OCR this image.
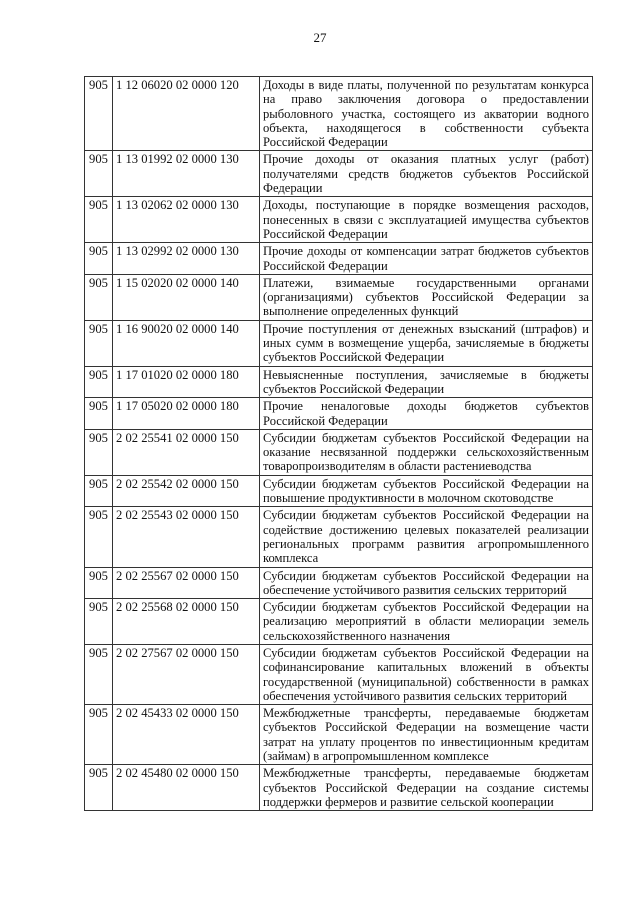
27
905	1 12 06020 02 0000 120	Доходы в виде платы, полученной по результатам конкурса на право заключения договора о предоставлении рыболовного участка, состоящего из акватории водного объекта, находящегося в собственности субъекта Российской Федерации
905	1 13 01992 02 0000 130	Прочие доходы от оказания платных услуг (работ) получателями средств бюджетов субъектов Российской Федерации
905	1 13 02062 02 0000 130	Доходы, поступающие в порядке возмещения расходов, понесенных в связи с эксплуатацией имущества субъектов Российской Федерации
905	1 13 02992 02 0000 130	Прочие доходы от компенсации затрат бюджетов субъектов Российской Федерации
905	1 15 02020 02 0000 140	Платежи, взимаемые государственными органами (организациями) субъектов Российской Федерации за выполнение определенных функций
905	1 16 90020 02 0000 140	Прочие поступления от денежных взысканий (штрафов) и иных сумм в возмещение ущерба, зачисляемые в бюджеты субъектов Российской Федерации
905	1 17 01020 02 0000 180	Невыясненные поступления, зачисляемые в бюджеты субъектов Российской Федерации
905	1 17 05020 02 0000 180	Прочие неналоговые доходы бюджетов субъектов Российской Федерации
905	2 02 25541 02 0000 150	Субсидии бюджетам субъектов Российской Федерации на оказание несвязанной поддержки сельскохозяйственным товаропроизводителям в области растениеводства
905	2 02 25542 02 0000 150	Субсидии бюджетам субъектов Российской Федерации на повышение продуктивности в молочном скотоводстве
905	2 02 25543 02 0000 150	Субсидии бюджетам субъектов Российской Федерации на содействие достижению целевых показателей реализации региональных программ развития агропромышленного комплекса
905	2 02 25567 02 0000 150	Субсидии бюджетам субъектов Российской Федерации на обеспечение устойчивого развития сельских территорий
905	2 02 25568 02 0000 150	Субсидии бюджетам субъектов Российской Федерации на реализацию мероприятий в области мелиорации земель сельскохозяйственного назначения
905	2 02 27567 02 0000 150	Субсидии бюджетам субъектов Российской Федерации на софинансирование капитальных вложений в объекты государственной (муниципальной) собственности в рамках обеспечения устойчивого развития сельских территорий
905	2 02 45433 02 0000 150	Межбюджетные трансферты, передаваемые бюджетам субъектов Российской Федерации на возмещение части затрат на уплату процентов по инвестиционным кредитам (займам) в агропромышленном комплексе
905	2 02 45480 02 0000 150	Межбюджетные трансферты, передаваемые бюджетам субъектов Российской Федерации на создание системы поддержки фермеров и развитие сельской кооперации
